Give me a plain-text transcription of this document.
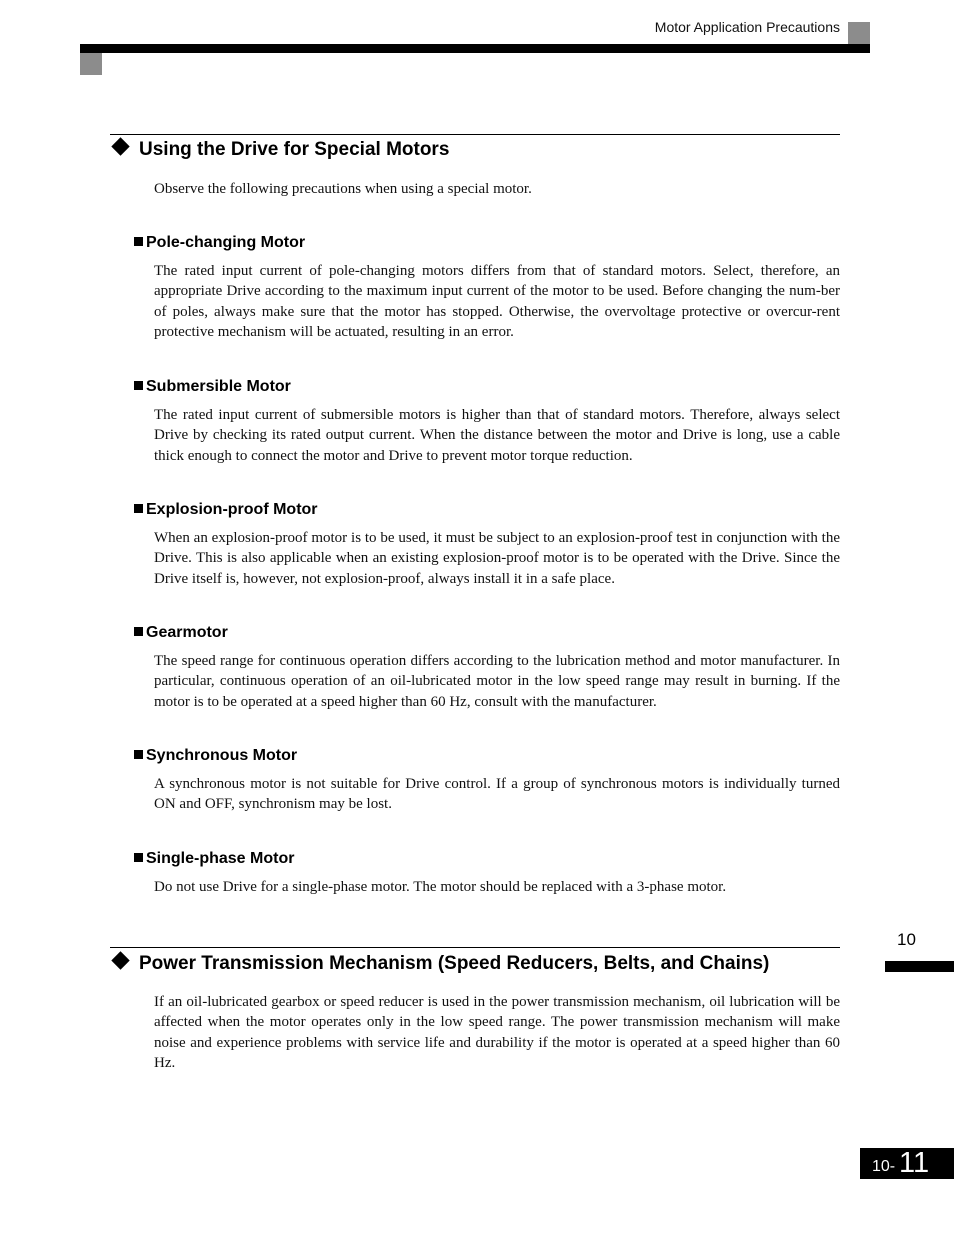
Motor Application Precautions
Using the Drive for Special Motors

Observe the following precautions when using a special motor.

Pole-changing Motor

The rated input current of pole-changing motors differs from that of standard motors. Select, therefore, an appropriate Drive according to the maximum input current of the motor to be used. Before changing the num-ber of poles, always make sure that the motor has stopped. Otherwise, the overvoltage protective or overcur-rent protective mechanism will be actuated, resulting in an error.

Submersible Motor

The rated input current of submersible motors is higher than that of standard motors. Therefore, always select Drive by checking its rated output current. When the distance between the motor and Drive is long, use a cable thick enough to connect the motor and Drive to prevent motor torque reduction.

Explosion-proof Motor

When an explosion-proof motor is to be used, it must be subject to an explosion-proof test in conjunction with the Drive. This is also applicable when an existing explosion-proof motor is to be operated with the Drive. Since the Drive itself is, however, not explosion-proof, always install it in a safe place.

Gearmotor

The speed range for continuous operation differs according to the lubrication method and motor manufacturer. In particular, continuous operation of an oil-lubricated motor in the low speed range may result in burning. If the motor is to be operated at a speed higher than 60 Hz, consult with the manufacturer.

Synchronous Motor

A synchronous motor is not suitable for Drive control. If a group of synchronous motors is individually turned ON and OFF, synchronism may be lost.

Single-phase Motor

Do not use Drive for a single-phase motor. The motor should be replaced with a 3-phase motor.

10
Power Transmission Mechanism (Speed Reducers, Belts, and Chains)

If an oil-lubricated gearbox or speed reducer is used in the power transmission mechanism, oil lubrication will be affected when the motor operates only in the low speed range. The power transmission mechanism will make noise and experience problems with service life and durability if the motor is operated at a speed higher than 60 Hz.

10- 11
